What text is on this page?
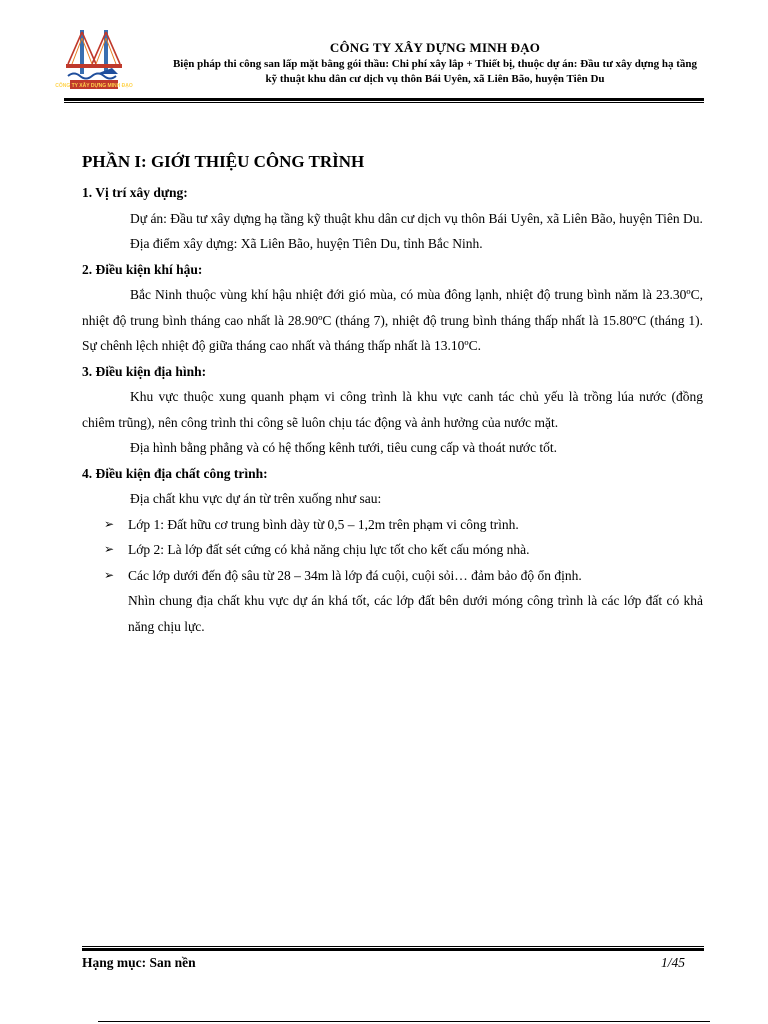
CÔNG TY XÂY DỰNG MINH ĐẠO
CÔNG TY XÂY DỰNG MINH ĐẠO
Biện pháp thi công san lấp mặt bằng gói thầu: Chi phí xây lắp + Thiết bị, thuộc dự án: Đầu tư xây dựng hạ tầng
kỹ thuật khu dân cư dịch vụ thôn Bái Uyên, xã Liên Bão, huyện Tiên Du
PHẦN I: GIỚI THIỆU CÔNG TRÌNH
1. Vị trí xây dựng:

Dự án: Đầu tư xây dựng hạ tầng kỹ thuật khu dân cư dịch vụ thôn Bái Uyên, xã Liên Bão, huyện Tiên Du.

Địa điểm xây dựng: Xã Liên Bão, huyện Tiên Du, tỉnh Bắc Ninh.

2. Điều kiện khí hậu:

Bắc Ninh thuộc vùng khí hậu nhiệt đới gió mùa, có mùa đông lạnh, nhiệt độ trung bình năm là 23.30ºC, nhiệt độ trung bình tháng cao nhất là 28.90ºC (tháng 7), nhiệt độ trung bình tháng thấp nhất là 15.80ºC (tháng 1). Sự chênh lệch nhiệt độ giữa tháng cao nhất và tháng thấp nhất là 13.10ºC.

3. Điều kiện địa hình:

Khu vực thuộc xung quanh phạm vi công trình là khu vực canh tác chủ yếu là trồng lúa nước (đồng chiêm trũng), nên công trình thi công sẽ luôn chịu tác động và ảnh hưởng của nước mặt.

Địa hình bằng phẳng và có hệ thống kênh tưới, tiêu cung cấp và thoát nước tốt.

4. Điều kiện địa chất công trình:

Địa chất khu vực dự án từ trên xuống như sau:

➢ Lớp 1: Đất hữu cơ trung bình dày từ 0,5 – 1,2m trên phạm vi công trình.
➢ Lớp 2: Là lớp đất sét cứng có khả năng chịu lực tốt cho kết cấu móng nhà.
➢ Các lớp dưới đến độ sâu từ 28 – 34m là lớp đá cuội, cuội sỏi… đảm bảo độ ổn định.

Nhìn chung địa chất khu vực dự án khá tốt, các lớp đất bên dưới móng công trình là các lớp đất có khả năng chịu lực.

Hạng mục: San nền	1/45
